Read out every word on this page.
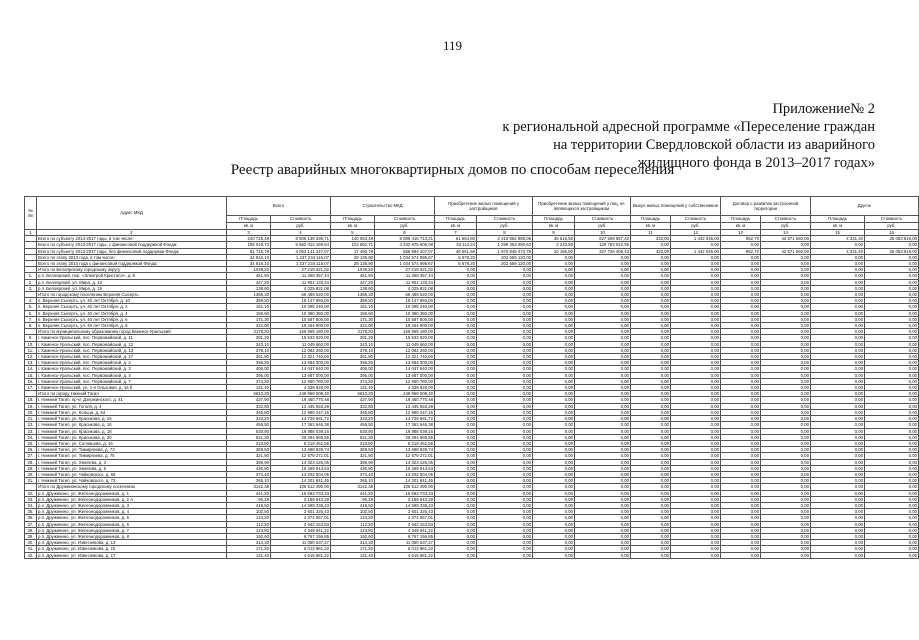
119
Приложение№ 2
к региональной адресной программе «Переселение граждан
на территории Свердловской области из аварийного
жилищного фонда в 2013–2017 годах»
Реестр аварийных многоквартирных домов по способам переселения
№ п/п	Адрес МКД	Всего		Строительство МКД		Приобретение жилых помещений у застройщиков		Приобретение жилых помещений у лиц, не являющихся застройщиком		Выкуп жилых помещений у собственников		Договор о развитии застроенной территории		Другое	
		Площадь	Стоимость	Площадь	Стоимость	Площадь	Стоимость	Площадь	Стоимость	Площадь	Стоимость	Площадь	Стоимость	Площадь	Стоимость
		кв. м	руб.	кв. м	руб.	кв. м	руб.	кв. м	руб.	кв. м	руб.	кв. м	руб.	кв. м	руб.
1	2	3	4	5	6	7	8	9	10	11	12	13	14	15	16
	Всего по субъекту 2013-2017 годы, в том числе:	240 725,49	8 509 139 336,71	140 083,49	5 089 416 713,21	61 664,80	2 219 862 885,06	35 615,50	627 509 657,42	433,00	1 442 045,00	852,70	42 571 592,00	4 331,40	25 053 819,00
	Всего по субъекту 2013-2017 годы, с финансовой поддержкой Фонда:	159 019,73	5 862 012 169,64	123 662,71	4 432 975 606,08	33 113,24	1 299 353 480,63	2 243,80	129 783 022,95	0,00	0,00	0,00	0,00	0,00	0,00
	Всего по субъекту 2013-2017 годы, без финансовой поддержки Фонда:	81 715,78	3 053 141 247,07	17 490,78	656 584 107,07	48 551,56	1 970 846 473,75	10 166,90	327 726 406,43	433,00	1 442 045,00	852,70	42 571 592,00	4 331,40	25 053 819,00
	Всего по этапу 2013 года, в том числе:	34 816,10	1 237 234 115,07	29 135,90	1 034 574 995,67	5 678,20	202 659 120,00	0,00	0,00	0,00	0,00	0,00	0,00	0,00	0,00
	Всего по этапу 2013 года с финансовой поддержкой Фонда:	34 816,10	1 237 234 115,07	29 135,90	1 034 574 995,67	5 678,20	202 659 120,00	0,00	0,00	0,00	0,00	0,00	0,00	0,00	0,00
	Итого по Белоярскому городскому округу	1039,20	27 215 321,02	1039,20	27 215 321,02	0,00	0,00	0,00	0,00	0,00	0,00	0,00	0,00	0,00	0,00
1.	р.п. Белоярский, пер. «Электрой Кристалл», д. 8	451,60	11 368 357,44	451,60	11 368 357,44	0,00	0,00	0,00	0,00	0,00	0,00	0,00	0,00	0,00	0,00
2.	р.п. Белоярский, ул. Мира, д. 13	447,20	11 901 133,34	447,20	11 901 133,34	0,00	0,00	0,00	0,00	0,00	0,00	0,00	0,00	0,00	0,00
3.	р.п. Белоярский, ул. Мира, д. 15	139,60	4 025 831,08	139,60	4 025 831,08	0,00	0,00	0,00	0,00	0,00	0,00	0,00	0,00	0,00	0,00
	Итого по городскому поселению Верхняя Сысерть	1365,30	68 489 520,00	1365,30	68 489 520,00	0,00	0,00	0,00	0,00	0,00	0,00	0,00	0,00	0,00	0,00
4.	п. Верхняя Сысерть, ул. 40 лет Октября, д. 10	369,30	18 147 993,00	369,30	18 147 993,00	0,00	0,00	0,00	0,00	0,00	0,00	0,00	0,00	0,00	0,00
5.	п. Верхняя Сысерть, ул. 40 лет Октября, д. 2	161,10	10 095 240,00	161,10	10 095 240,00	0,00	0,00	0,00	0,00	0,00	0,00	0,00	0,00	0,00	0,00
6.	п. Верхняя Сысерть, ул. 40 лет Октября, д. 4	159,60	10 390 380,00	159,60	10 390 380,00	0,00	0,00	0,00	0,00	0,00	0,00	0,00	0,00	0,00	0,00
7.	п. Верхняя Сысерть, ул. 40 лет Октября, д. 6	171,30	10 587 600,00	171,30	10 587 600,00	0,00	0,00	0,00	0,00	0,00	0,00	0,00	0,00	0,00	0,00
8.	п. Верхняя Сысерть, ул. 40 лет Октября, д. 8	322,00	19 254 900,00	322,00	19 254 900,00	0,00	0,00	0,00	0,00	0,00	0,00	0,00	0,00	0,00	0,00
	Итого по муниципальному образованию город Каменск-Уральский	3178,30	169 969 180,00	3178,30	169 969 180,00	0,00	0,00	0,00	0,00	0,00	0,00	0,00	0,00	0,00	0,00
9.	г. Каменск-Уральский, пос. Первомайский, д. 11	291,20	15 533 820,00	291,20	15 533 820,00	0,00	0,00	0,00	0,00	0,00	0,00	0,00	0,00	0,00	0,00
10.	г. Каменск-Уральский, пос. Первомайский, д. 12	343,10	11 049 660,00	343,10	11 049 660,00	0,00	0,00	0,00	0,00	0,00	0,00	0,00	0,00	0,00	0,00
11.	г. Каменск-Уральский, пос. Первомайский, д. 13	378,10	12 082 260,00	378,10	12 082 260,00	0,00	0,00	0,00	0,00	0,00	0,00	0,00	0,00	0,00	0,00
12.	г. Каменск-Уральский, пос. Первомайский, д. 17	361,90	12 321 740,00	361,90	12 321 740,00	0,00	0,00	0,00	0,00	0,00	0,00	0,00	0,00	0,00	0,00
13.	г. Каменск-Уральский, пос. Первомайский, д. 2	395,30	13 684 300,00	395,30	13 684 300,00	0,00	0,00	0,00	0,00	0,00	0,00	0,00	0,00	0,00	0,00
14.	г. Каменск-Уральский, пос. Первомайский, д. 3	406,00	14 047 640,00	406,00	14 047 640,00	0,00	0,00	0,00	0,00	0,00	0,00	0,00	0,00	0,00	0,00
15.	г. Каменск-Уральский, пос. Первомайский, д. 4	395,00	13 667 000,00	395,00	13 667 000,00	0,00	0,00	0,00	0,00	0,00	0,00	0,00	0,00	0,00	0,00
16.	г. Каменск-Уральский, пос. Первомайский, д. 7	374,30	12 950 780,00	374,30	12 950 780,00	0,00	0,00	0,00	0,00	0,00	0,00	0,00	0,00	0,00	0,00
17.	г. Каменск-Уральский, ул. 1-я Ольховая, д. 15 б	131,40	4 339 926,00	131,40	4 339 926,00	0,00	0,00	0,00	0,00	0,00	0,00	0,00	0,00	0,00	0,00
	Итого по городу Нижний Тагил	5610,30	249 869 008,40	5610,30	249 869 008,40	0,00	0,00	0,00	0,00	0,00	0,00	0,00	0,00	0,00	0,00
18.	г. Нижний Тагил, пр-кт Дзержинского, д. 41	437,90	19 450 770,48	437,90	19 450 770,48	0,00	0,00	0,00	0,00	0,00	0,00	0,00	0,00	0,00	0,00
19.	г. Нижний Тагил, ул. Гоголя, д. 4	332,80	13 435 553,28	332,80	13 435 553,28	0,00	0,00	0,00	0,00	0,00	0,00	0,00	0,00	0,00	0,00
20.	г. Нижний Тагил, ул. Кольца, д. 54	345,80	12 995 247,15	345,80	12 995 247,15	0,00	0,00	0,00	0,00	0,00	0,00	0,00	0,00	0,00	0,00
21.	г. Нижний Тагил, ул. Красикова, д. 15	333,20	14 729 591,72	333,20	14 729 591,72	0,00	0,00	0,00	0,00	0,00	0,00	0,00	0,00	0,00	0,00
22.	г. Нижний Тагил, ул. Красикова, д. 16	455,50	17 363 646,38	455,50	17 363 646,38	0,00	0,00	0,00	0,00	0,00	0,00	0,00	0,00	0,00	0,00
23.	г. Нижний Тагил, ул. Красикова, д. 18	530,90	19 988 039,16	530,90	19 988 039,16	0,00	0,00	0,00	0,00	0,00	0,00	0,00	0,00	0,00	0,00
24.	г. Нижний Тагил, ул. Красикова, д. 20	521,30	20 294 695,55	521,30	20 294 695,55	0,00	0,00	0,00	0,00	0,00	0,00	0,00	0,00	0,00	0,00
25.	г. Нижний Тагил, ул. Соловьева, д. 16	223,90	8 219 462,55	223,90	8 219 462,55	0,00	0,00	0,00	0,00	0,00	0,00	0,00	0,00	0,00	0,00
26.	г. Нижний Тагил, ул. Тимирязева, д. 73	369,50	13 698 828,74	369,50	13 698 828,74	0,00	0,00	0,00	0,00	0,00	0,00	0,00	0,00	0,00	0,00
27.	г. Нижний Тагил, ул. Тимирязева, д. 75	321,80	12 579 271,01	321,80	12 579 271,01	0,00	0,00	0,00	0,00	0,00	0,00	0,00	0,00	0,00	0,00
28.	г. Нижний Тагил, ул. Хмелева, д. 3	389,90	14 323 126,05	389,90	14 323 126,05	0,00	0,00	0,00	0,00	0,00	0,00	0,00	0,00	0,00	0,00
29.	г. Нижний Тагил, ул. Хмелева, д. 5	430,90	15 269 913,63	430,90	15 269 913,63	0,00	0,00	0,00	0,00	0,00	0,00	0,00	0,00	0,00	0,00
30.	г. Нижний Тагил, ул. Чайковского, д. 66	374,40	13 202 004,05	374,40	13 202 004,05	0,00	0,00	0,00	0,00	0,00	0,00	0,00	0,00	0,00	0,00
31.	г. Нижний Тагил, ул. Чайковского, д. 72	365,10	14 201 841,45	365,10	14 201 841,45	0,00	0,00	0,00	0,00	0,00	0,00	0,00	0,00	0,00	0,00
	Итого по Дружининскому городскому поселению	3142,38	105 512 490,00	3142,38	105 512 490,00	0,00	0,00	0,00	0,00	0,00	0,00	0,00	0,00	0,00	0,00
32.	р.п. Дружинино, ул. Железнодорожников, д. 1	441,20	15 592 733,33	441,20	15 592 733,33	0,00	0,00	0,00	0,00	0,00	0,00	0,00	0,00	0,00	0,00
33.	р.п. Дружинино, ул. Железнодорожников, д. 2 А	90,28	3 189 543,28	90,28	3 189 543,28	0,00	0,00	0,00	0,00	0,00	0,00	0,00	0,00	0,00	0,00
34.	р.п. Дружинино, ул. Железнодорожников, д. 3	415,50	14 599 338,43	415,50	14 599 338,43	0,00	0,00	0,00	0,00	0,00	0,00	0,00	0,00	0,00	0,00
35.	р.п. Дружинино, ул. Железнодорожников, д. 4	102,50	3 601 326,43	102,50	3 601 326,43	0,00	0,00	0,00	0,00	0,00	0,00	0,00	0,00	0,00	0,00
36.	р.п. Дружинино, ул. Железнодорожников, д. 5	124,30	4 374 557,01	124,30	4 374 557,01	0,00	0,00	0,00	0,00	0,00	0,00	0,00	0,00	0,00	0,00
37.	р.п. Дружинино, ул. Железнодорожников, д. 6	112,20	3 942 153,83	112,20	3 942 153,83	0,00	0,00	0,00	0,00	0,00	0,00	0,00	0,00	0,00	0,00
38.	р.п. Дружинино, ул. Железнодорожников, д. 7	123,80	4 349 941,22	123,80	4 349 941,22	0,00	0,00	0,00	0,00	0,00	0,00	0,00	0,00	0,00	0,00
39.	р.п. Дружинино, ул. Железнодорожников, д. 8	192,60	6 767 156,85	192,60	6 767 156,85	0,00	0,00	0,00	0,00	0,00	0,00	0,00	0,00	0,00	0,00
40.	р.п. Дружинино, ул. Извеснякова, д. 13	314,30	11 050 537,27	314,30	11 050 537,27	0,00	0,00	0,00	0,00	0,00	0,00	0,00	0,00	0,00	0,00
41.	р.п. Дружинино, ул. Извеснякова, д. 15	171,20	6 013 961,22	171,20	6 013 961,22	0,00	0,00	0,00	0,00	0,00	0,00	0,00	0,00	0,00	0,00
42.	р.п. Дружинино, ул. Извеснякова, д. 17	131,40	4 616 981,22	131,40	4 616 981,22	0,00	0,00	0,00	0,00	0,00	0,00	0,00	0,00	0,00	0,00
